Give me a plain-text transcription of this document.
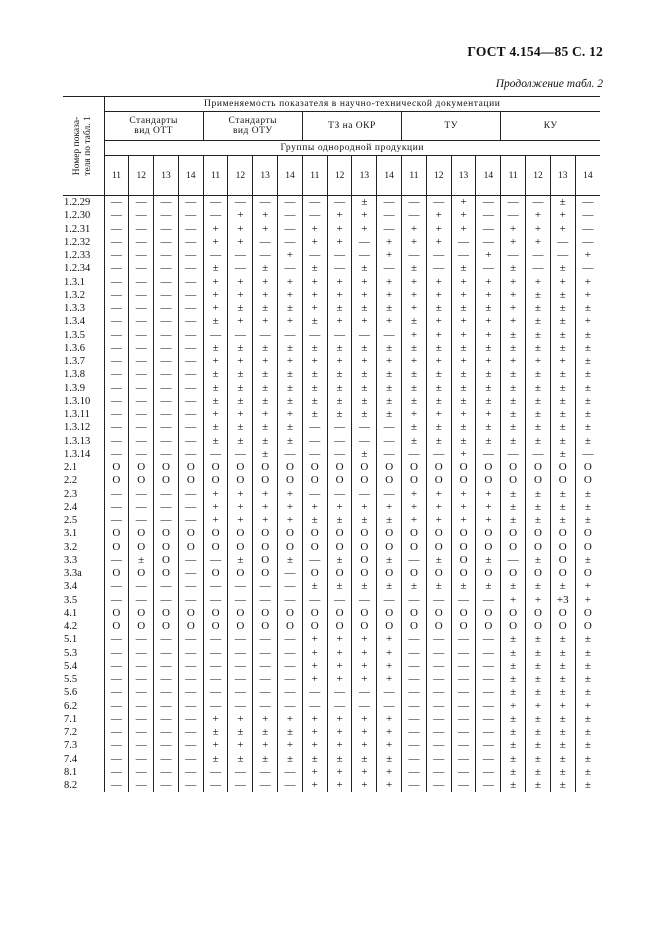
ГОСТ 4.154—85 С. 12
Продолжение табл. 2
Номер показа-
теля по табл. 1	Применяемость показателя в научно-технической документации																			
	Стандарты
вид ОТТ				Стандарты
вид ОТУ				ТЗ на ОКР				ТУ				КУ			
	Группы однородной продукции																			
	11	12	13	14	11	12	13	14	11	12	13	14	11	12	13	14	11	12	13	14
1.2.29	—	—	—	—	—	—	—	—	—	—	±	—	—	—	+	—	—	—	±	—
1.2.30	—	—	—	—	—	+	+	—	—	+	+	—	—	+	+	—	—	+	+	—
1.2.31	—	—	—	—	+	+	+	—	+	+	+	—	+	+	+	—	+	+	+	—
1.2.32	—	—	—	—	+	+	—	—	+	+	—	+	+	+	—	—	+	+	—	—
1.2.33	—	—	—	—	—	—	—	+	—	—	—	+	—	—	—	+	—	—	—	+
1.2.34	—	—	—	—	±	—	±	—	±	—	±	—	±	—	±	—	±	—	±	—
1.3.1	—	—	—	—	+	+	+	+	+	+	+	+	+	+	+	+	+	+	+	+
1.3.2	—	—	—	—	+	+	+	+	+	+	+	+	+	+	+	+	+	±	±	+
1.3.3	—	—	—	—	+	±	±	±	+	±	±	±	+	±	±	±	+	±	±	±
1.3.4	—	—	—	—	±	+	+	+	±	+	+	+	±	+	+	+	+	±	±	+
1.3.5	—	—	—	—	—	—	—	—	—	—	—	—	+	+	+	+	±	±	±	±
1.3.6	—	—	—	—	±	±	±	±	±	±	±	±	±	±	±	±	±	±	±	±
1.3.7	—	—	—	—	+	+	+	+	+	+	+	+	+	+	+	+	+	+	+	±
1.3.8	—	—	—	—	±	±	±	±	±	±	±	±	±	±	±	±	±	±	±	±
1.3.9	—	—	—	—	±	±	±	±	±	±	±	±	±	±	±	±	±	±	±	±
1.3.10	—	—	—	—	±	±	±	±	±	±	±	±	±	±	±	±	±	±	±	±
1.3.11	—	—	—	—	+	+	+	+	±	±	±	±	+	+	+	+	±	±	±	±
1.3.12	—	—	—	—	±	±	±	±	—	—	—	—	±	±	±	±	±	±	±	±
1.3.13	—	—	—	—	±	±	±	±	—	—	—	—	±	±	±	±	±	±	±	±
1.3.14	—	—	—	—	—	—	±	—	—	—	±	—	—	—	+	—	—	—	±	—
2.1	O	O	O	O	O	O	O	O	O	O	O	O	O	O	O	O	O	O	O	O
2.2	O	O	O	O	O	O	O	O	O	O	O	O	O	O	O	O	O	O	O	O
2.3	—	—	—	—	+	+	+	+	—	—	—	—	+	+	+	+	±	±	±	±
2.4	—	—	—	—	+	+	+	+	+	+	+	+	+	+	+	+	±	±	±	±
2.5	—	—	—	—	+	+	+	+	±	±	±	±	+	+	+	+	±	±	±	±
3.1	O	O	O	O	O	O	O	O	O	O	O	O	O	O	O	O	O	O	O	O
3.2	O	O	O	O	O	O	O	O	O	O	O	O	O	O	O	O	O	O	O	O
3.3	—	±	O	—	—	±	O	±	—	±	O	±	—	±	O	±	—	±	O	±
3.3а	O	O	O	—	O	O	O	—	O	O	O	O	O	O	O	O	O	O	O	O
3.4	—	—	—	—	—	—	—	—	±	±	±	±	±	±	±	±	±	±	±	+
3.5	—	—	—	—	—	—	—	—	—	—	—	—	—	—	—	—	+	+	+3	+
4.1	O	O	O	O	O	O	O	O	O	O	O	O	O	O	O	O	O	O	O	O
4.2	O	O	O	O	O	O	O	O	O	O	O	O	O	O	O	O	O	O	O	O
5.1	—	—	—	—	—	—	—	—	+	+	+	+	—	—	—	—	±	±	±	±
5.3	—	—	—	—	—	—	—	—	+	+	+	+	—	—	—	—	±	±	±	±
5.4	—	—	—	—	—	—	—	—	+	+	+	+	—	—	—	—	±	±	±	±
5.5	—	—	—	—	—	—	—	—	+	+	+	+	—	—	—	—	±	±	±	±
5.6	—	—	—	—	—	—	—	—	—	—	—	—	—	—	—	—	±	±	±	±
6.2	—	—	—	—	—	—	—	—	—	—	—	—	—	—	—	—	+	+	+	+
7.1	—	—	—	—	+	+	+	+	+	+	+	+	—	—	—	—	±	±	±	±
7.2	—	—	—	—	±	±	±	±	+	+	+	+	—	—	—	—	±	±	±	±
7.3	—	—	—	—	+	+	+	+	+	+	+	+	—	—	—	—	±	±	±	±
7.4	—	—	—	—	±	±	±	±	±	±	±	±	—	—	—	—	±	±	±	±
8.1	—	—	—	—	—	—	—	—	+	+	+	+	—	—	—	—	±	±	±	±
8.2	—	—	—	—	—	—	—	—	+	+	+	+	—	—	—	—	±	±	±	±
